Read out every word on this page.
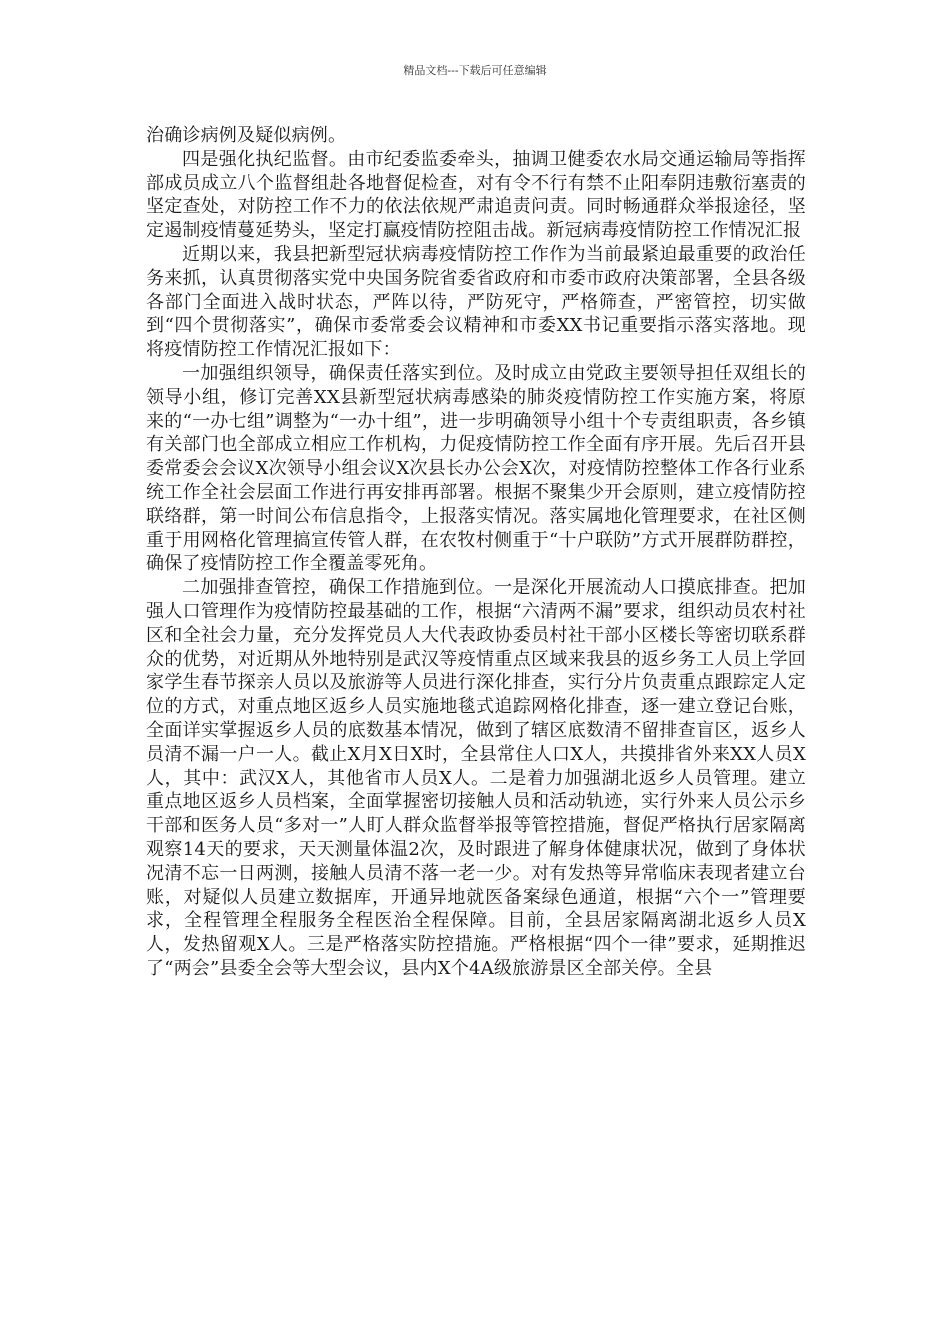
精品文档---下载后可任意编辑

治确诊病例及疑似病例。

四是强化执纪监督。由市纪委监委牵头，抽调卫健委农水局交通运输局等指挥部成员成立八个监督组赴各地督促检查，对有令不行有禁不止阳奉阴违敷衍塞责的坚定查处，对防控工作不力的依法依规严肃追责问责。同时畅通群众举报途径，坚定遏制疫情蔓延势头，坚定打赢疫情防控阻击战。新冠病毒疫情防控工作情况汇报

近期以来，我县把新型冠状病毒疫情防控工作作为当前最紧迫最重要的政治任务来抓，认真贯彻落实党中央国务院省委省政府和市委市政府决策部署，全县各级各部门全面进入战时状态，严阵以待，严防死守，严格筛查，严密管控，切实做到“四个贯彻落实”，确保市委常委会议精神和市委XX书记重要指示落实落地。现将疫情防控工作情况汇报如下：

一加强组织领导，确保责任落实到位。及时成立由党政主要领导担任双组长的领导小组，修订完善XX县新型冠状病毒感染的肺炎疫情防控工作实施方案，将原来的“一办七组”调整为“一办十组”，进一步明确领导小组十个专责组职责，各乡镇有关部门也全部成立相应工作机构，力促疫情防控工作全面有序开展。先后召开县委常委会会议X次领导小组会议X次县长办公会X次，对疫情防控整体工作各行业系统工作全社会层面工作进行再安排再部署。根据不聚集少开会原则，建立疫情防控联络群，第一时间公布信息指令，上报落实情况。落实属地化管理要求，在社区侧重于用网格化管理搞宣传管人群，在农牧村侧重于“十户联防”方式开展群防群控，确保了疫情防控工作全覆盖零死角。

二加强排查管控，确保工作措施到位。一是深化开展流动人口摸底排查。把加强人口管理作为疫情防控最基础的工作，根据“六清两不漏”要求，组织动员农村社区和全社会力量，充分发挥党员人大代表政协委员村社干部小区楼长等密切联系群众的优势，对近期从外地特别是武汉等疫情重点区域来我县的返乡务工人员上学回家学生春节探亲人员以及旅游等人员进行深化排查，实行分片负责重点跟踪定人定位的方式，对重点地区返乡人员实施地毯式追踪网格化排查，逐一建立登记台账，全面详实掌握返乡人员的底数基本情况，做到了辖区底数清不留排查盲区，返乡人员清不漏一户一人。截止X月X日X时，全县常住人口X人，共摸排省外来XX人员X人，其中：武汉X人，其他省市人员X人。二是着力加强湖北返乡人员管理。建立重点地区返乡人员档案，全面掌握密切接触人员和活动轨迹，实行外来人员公示乡干部和医务人员“多对一”人盯人群众监督举报等管控措施，督促严格执行居家隔离观察14天的要求，天天测量体温2次，及时跟进了解身体健康状况，做到了身体状况清不忘一日两测，接触人员清不落一老一少。对有发热等异常临床表现者建立台账，对疑似人员建立数据库，开通异地就医备案绿色通道，根据“六个一”管理要求，全程管理全程服务全程医治全程保障。目前，全县居家隔离湖北返乡人员X人，发热留观X人。三是严格落实防控措施。严格根据“四个一律”要求，延期推迟了“两会”县委全会等大型会议，县内X个4A级旅游景区全部关停。全县
